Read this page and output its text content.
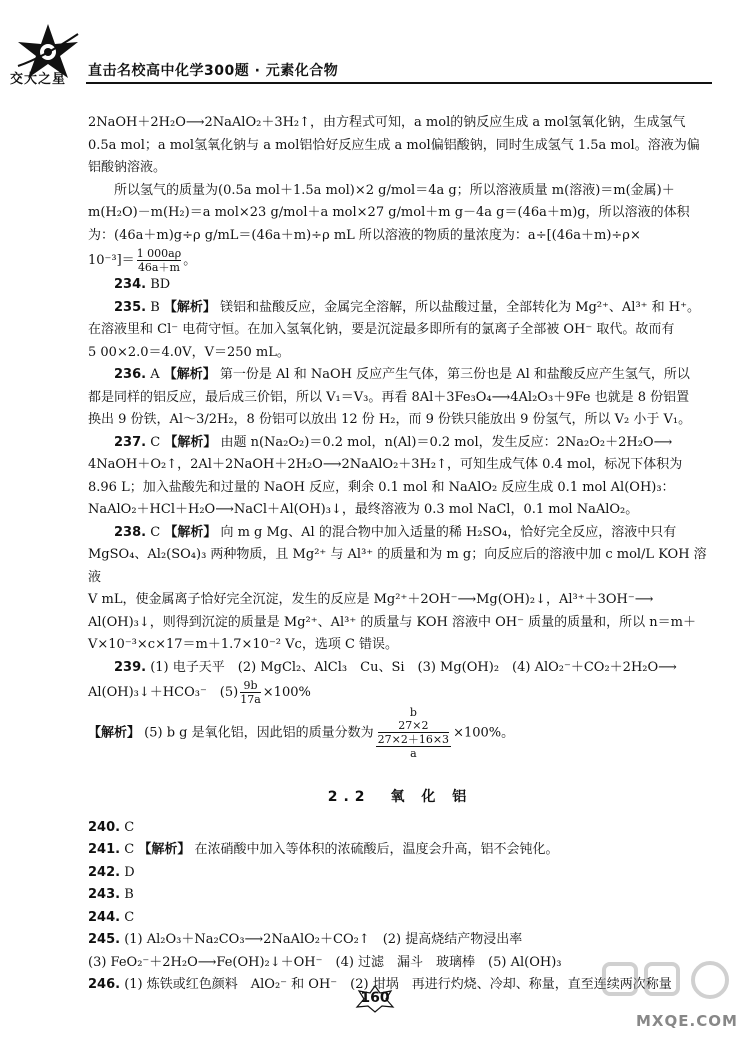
交大之星
直击名校高中化学300题 · 元素化合物

2NaOH＋2H₂O⟶2NaAlO₂＋3H₂↑，由方程式可知，a mol的钠反应生成 a mol氢氧化钠，生成氢气

0.5a mol；a mol氢氧化钠与 a mol铝恰好反应生成 a mol偏铝酸钠，同时生成氢气 1.5a mol。溶液为偏

铝酸钠溶液。

所以氢气的质量为(0.5a mol＋1.5a mol)×2 g/mol＝4a g；所以溶液质量 m(溶液)＝m(金属)＋

m(H₂O)－m(H₂)＝a mol×23 g/mol＋a mol×27 g/mol＋m g－4a g＝(46a＋m)g，所以溶液的体积

为：(46a＋m)g÷ρ g/mL＝(46a＋m)÷ρ mL 所以溶液的物质的量浓度为：a÷[(46a＋m)÷ρ×

$10^{-3}]= \frac{1 000a\rho}{46a+m}$ 。

234. BD

235. B 【解析】 镁铝和盐酸反应，金属完全溶解，所以盐酸过量，全部转化为 Mg²⁺、Al³⁺ 和 H⁺。

在溶液里和 Cl⁻ 电荷守恒。在加入氢氧化钠，要是沉淀最多即所有的氯离子全部被 OH⁻ 取代。故而有

5 00×2.0＝4.0V，V＝250 mL。

236. A 【解析】 第一份是 Al 和 NaOH 反应产生气体，第三份也是 Al 和盐酸反应产生氢气，所以

都是同样的铝反应，最后成三价铝，所以 V₁＝V₃。再看 8Al＋3Fe₃O₄⟶4Al₂O₃＋9Fe 也就是 8 份铝置

换出 9 份铁，Al～3/2H₂，8 份铝可以放出 12 份 H₂，而 9 份铁只能放出 9 份氢气，所以 V₂ 小于 V₁。

237. C 【解析】 由题 n(Na₂O₂)＝0.2 mol，n(Al)＝0.2 mol，发生反应：2Na₂O₂＋2H₂O⟶

4NaOH＋O₂↑，2Al＋2NaOH＋2H₂O⟶2NaAlO₂＋3H₂↑，可知生成气体 0.4 mol，标况下体积为

8.96 L；加入盐酸先和过量的 NaOH 反应，剩余 0.1 mol 和 NaAlO₂ 反应生成 0.1 mol Al(OH)₃：

NaAlO₂＋HCl＋H₂O⟶NaCl＋Al(OH)₃↓，最终溶液为 0.3 mol NaCl，0.1 mol NaAlO₂。

238. C 【解析】 向 m g Mg、Al 的混合物中加入适量的稀 H₂SO₄，恰好完全反应，溶液中只有

MgSO₄、Al₂(SO₄)₃ 两种物质，且 Mg²⁺ 与 Al³⁺ 的质量和为 m g；向反应后的溶液中加 c mol/L KOH 溶液

V mL，使金属离子恰好完全沉淀，发生的反应是 Mg²⁺＋2OH⁻⟶Mg(OH)₂↓，Al³⁺＋3OH⁻⟶

Al(OH)₃↓，则得到沉淀的质量是 Mg²⁺、Al³⁺ 的质量与 KOH 溶液中 OH⁻ 质量的质量和，所以 n＝m＋

V×10⁻³×c×17＝m＋1.7×10⁻² Vc，选项 C 错误。

239. (1) 电子天平　(2) MgCl₂、AlCl₃　Cu、Si　(3) Mg(OH)₂　(4) AlO₂⁻＋CO₂＋2H₂O⟶

Al(OH)₃↓＋HCO₃⁻　$(5) \frac{9b}{17a} \times 100\%$

【解析】 (5) b g 是氧化铝，因此铝的质量分数为 b
27×2
27×2＋16×3
a ×100%。

2.2　氧 化 铝

240. C

241. C 【解析】 在浓硝酸中加入等体积的浓硫酸后，温度会升高，铝不会钝化。

242. D

243. B

244. C

245. (1) Al₂O₃＋Na₂CO₃⟶2NaAlO₂＋CO₂↑　(2) 提高烧结产物浸出率

(3) FeO₂⁻＋2H₂O⟶Fe(OH)₂↓＋OH⁻　(4) 过滤　漏斗　玻璃棒　(5) Al(OH)₃

246. (1) 炼铁或红色颜料　AlO₂⁻ 和 OH⁻　(2) 坩埚　再进行灼烧、冷却、称量，直至连续两次称量

160
MXQE.COM
